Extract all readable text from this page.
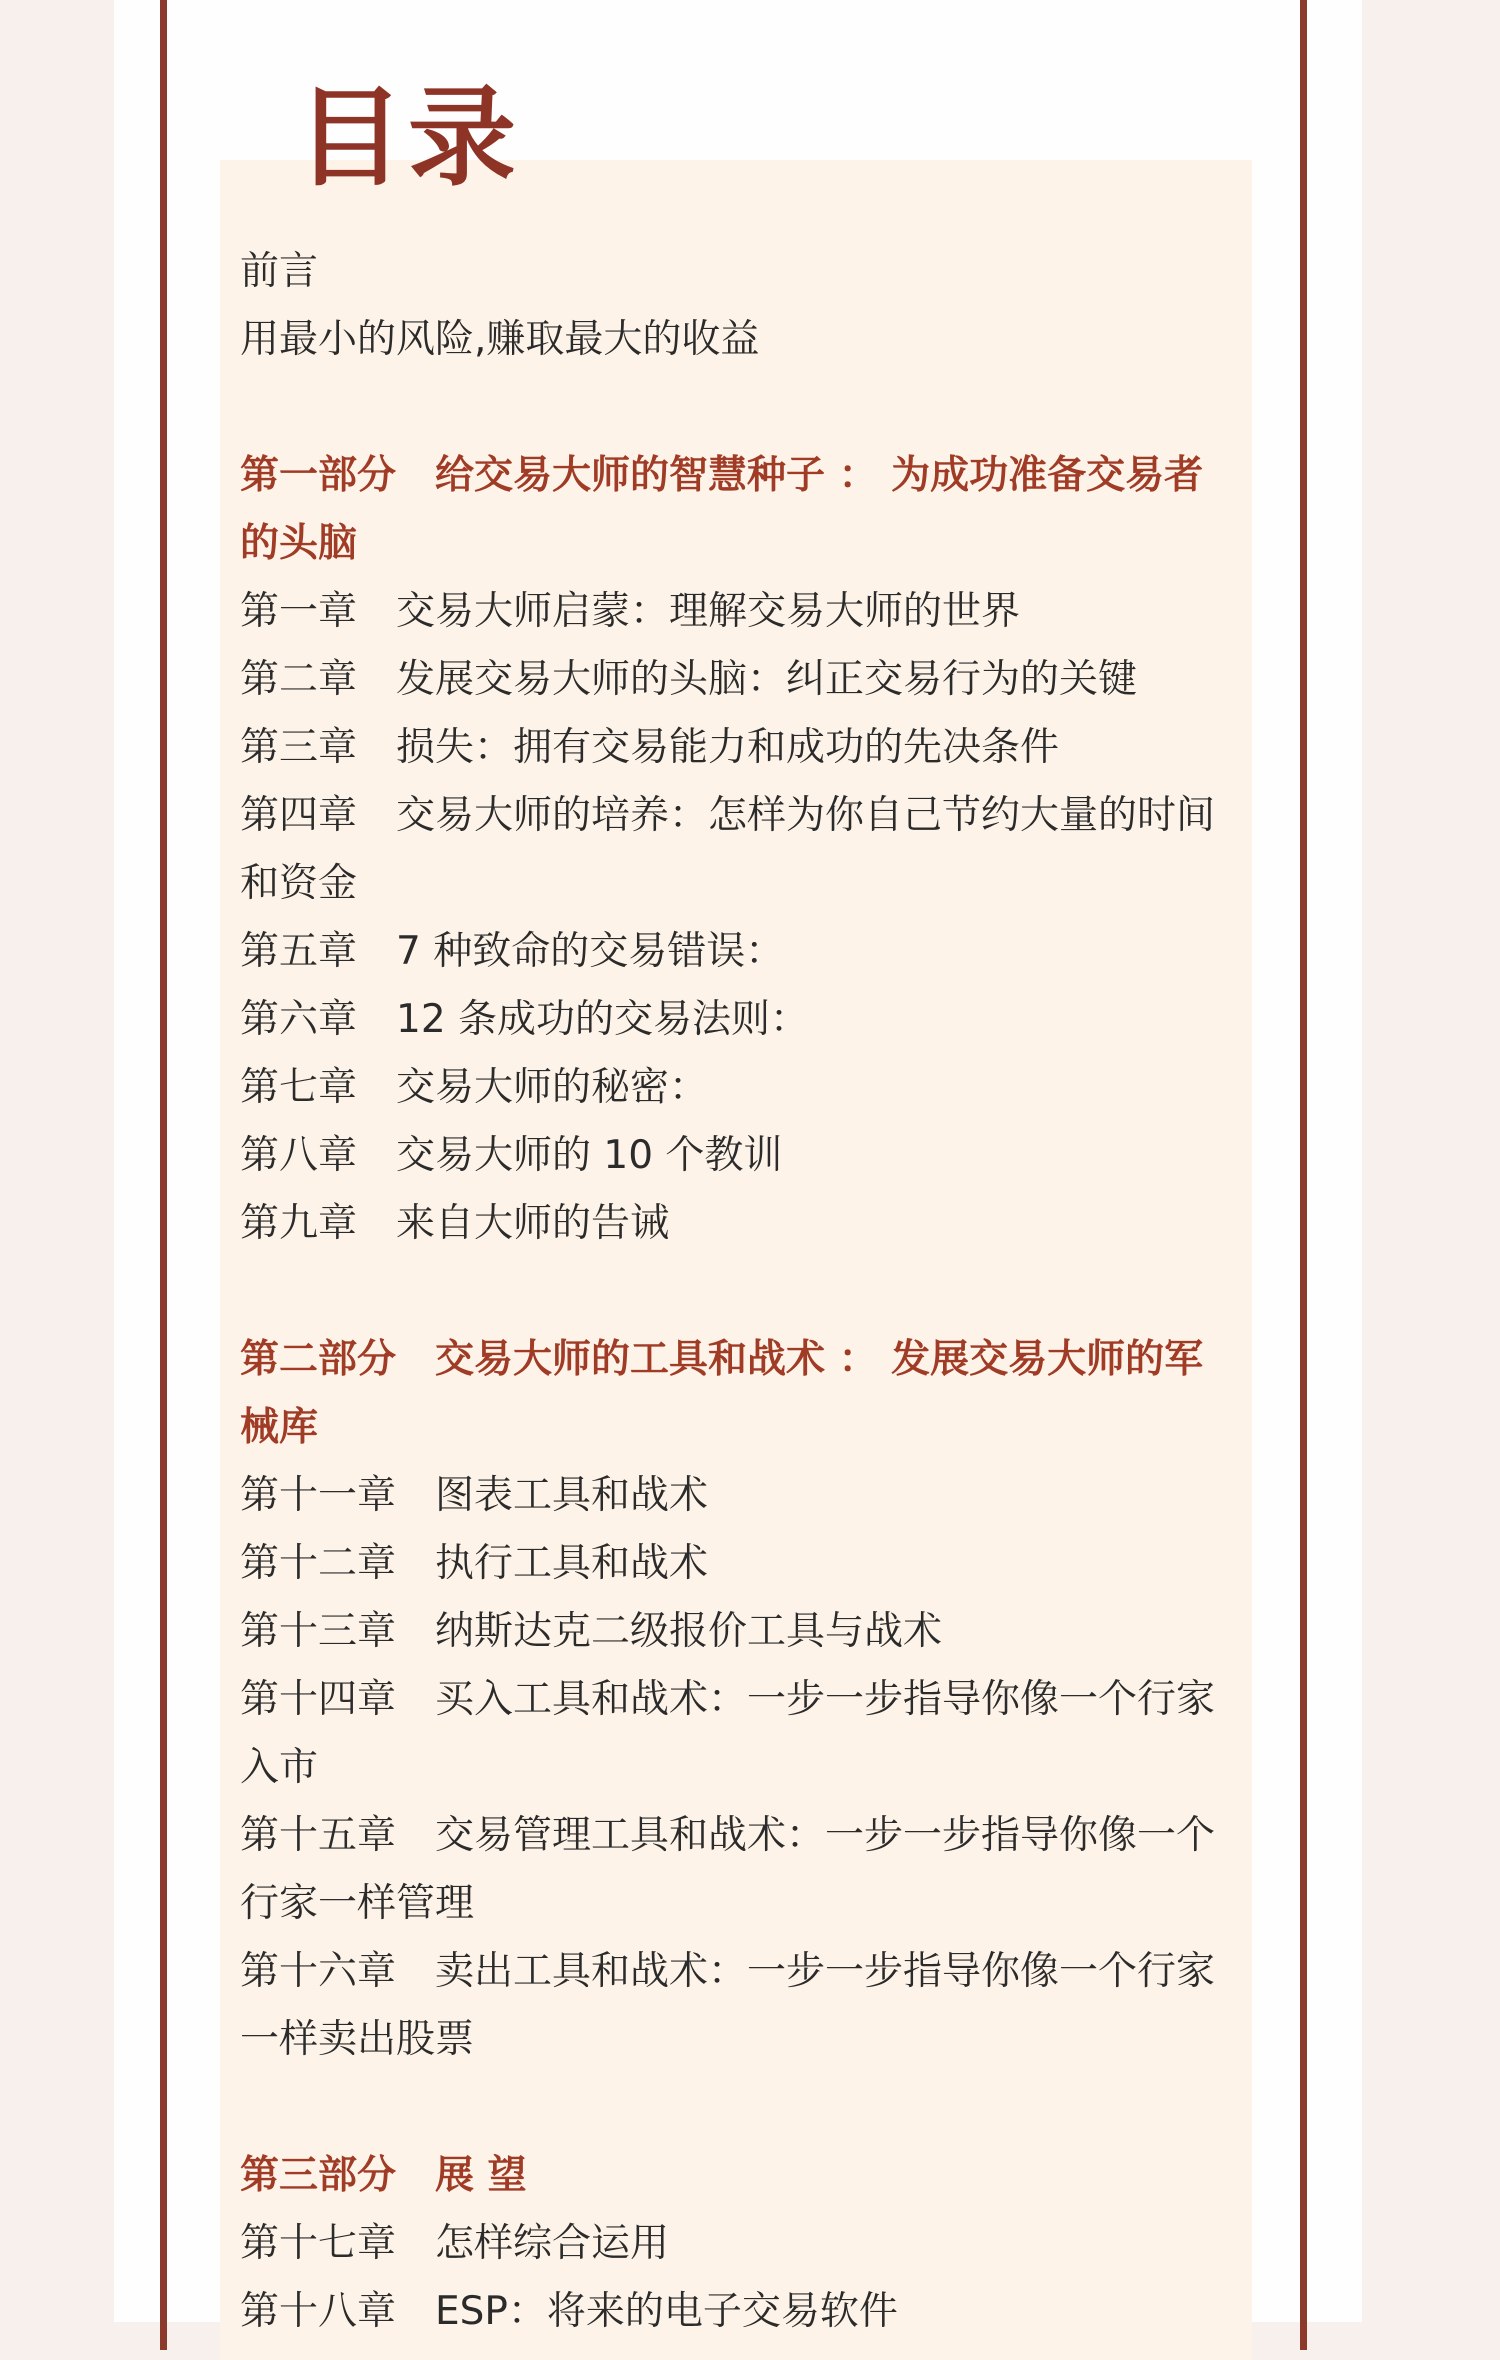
目录

前言

用最小的风险,赚取最大的收益

第一部分　给交易大师的智慧种子 ： 为成功准备交易者的头脑

第一章　交易大师启蒙：理解交易大师的世界

第二章　发展交易大师的头脑：纠正交易行为的关键

第三章　损失：拥有交易能力和成功的先决条件

第四章　交易大师的培养：怎样为你自己节约大量的时间和资金

第五章　7 种致命的交易错误：

第六章　12 条成功的交易法则：

第七章　交易大师的秘密：

第八章　交易大师的 10 个教训

第九章　来自大师的告诫

第二部分　交易大师的工具和战术 ： 发展交易大师的军械库

第十一章　图表工具和战术

第十二章　执行工具和战术

第十三章　纳斯达克二级报价工具与战术

第十四章　买入工具和战术：一步一步指导你像一个行家入市

第十五章　交易管理工具和战术：一步一步指导你像一个行家一样管理

第十六章　卖出工具和战术：一步一步指导你像一个行家一样卖出股票

第三部分　展 望

第十七章　怎样综合运用

第十八章　ESP：将来的电子交易软件
